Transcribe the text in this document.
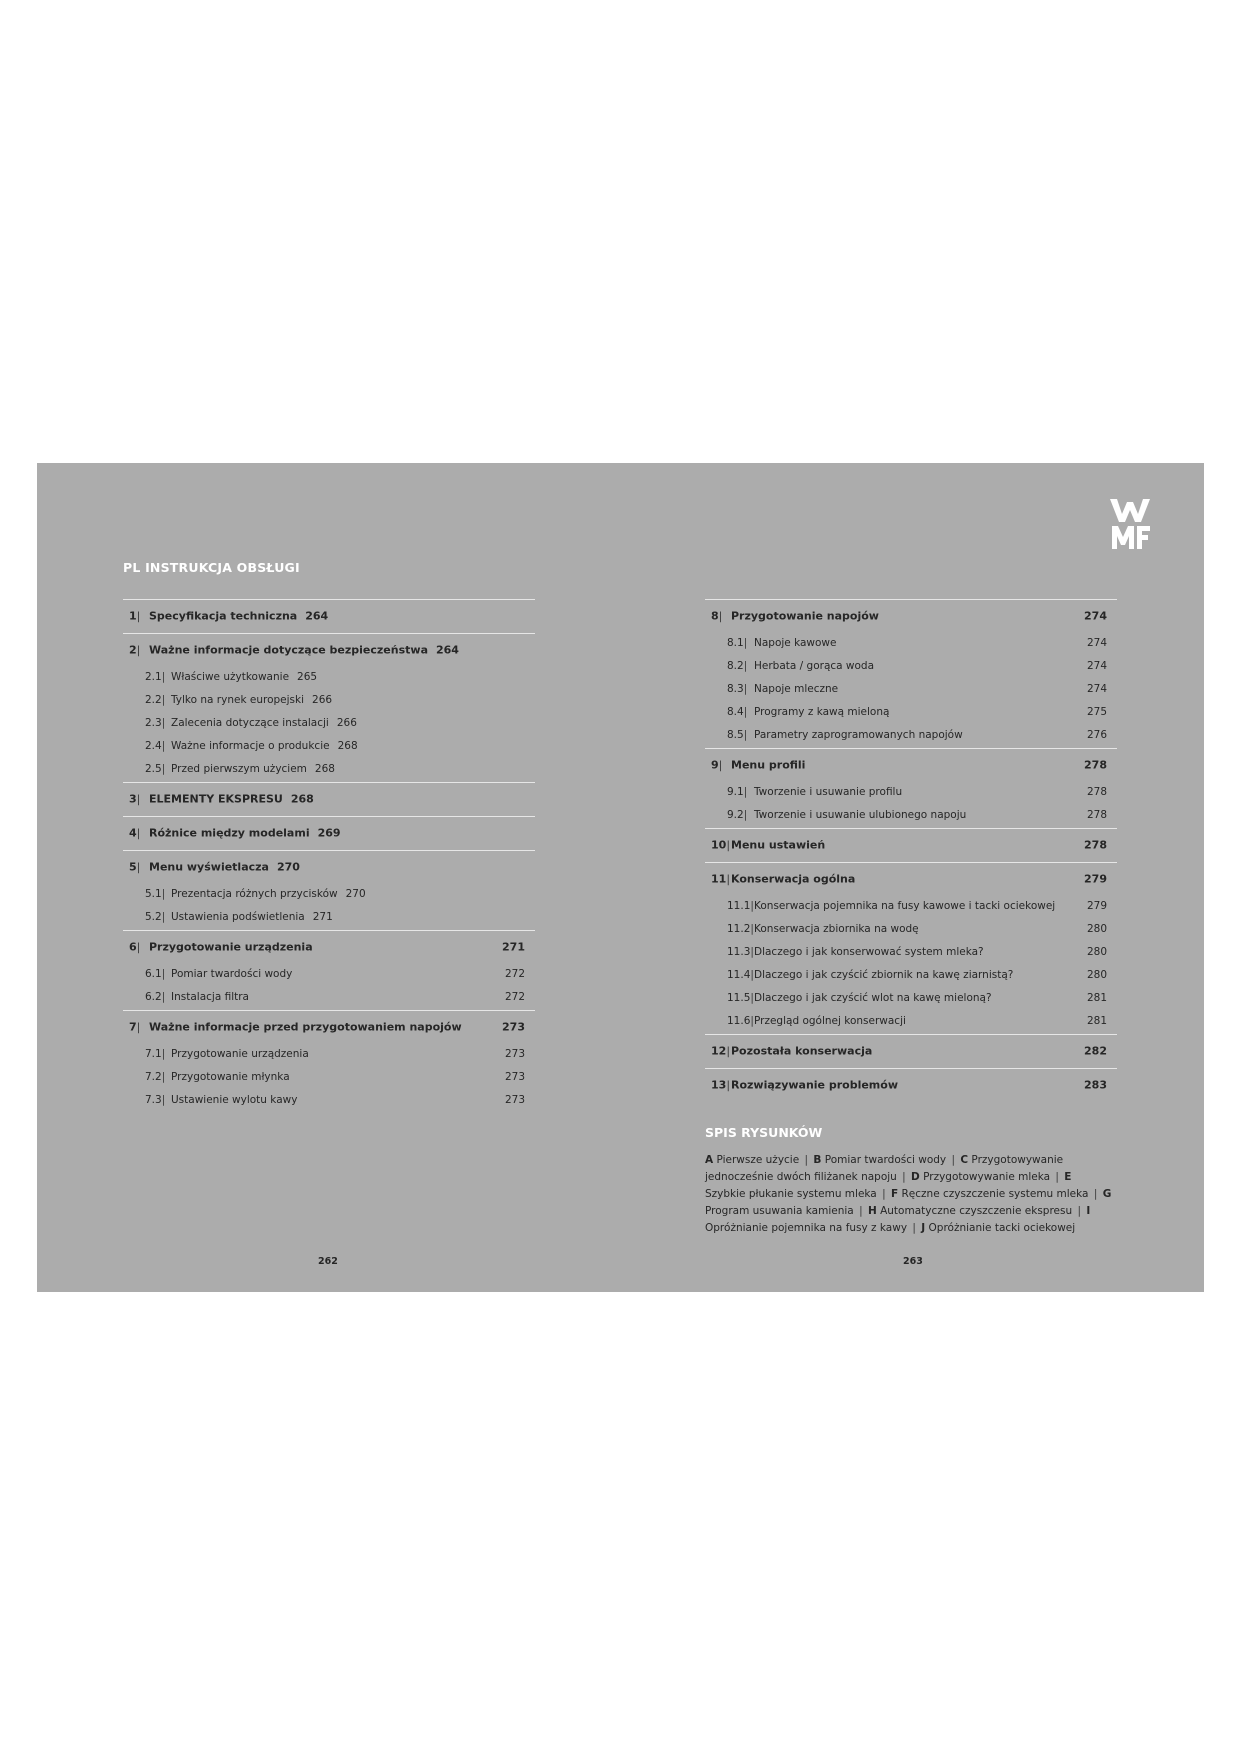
PL INSTRUKCJA OBSŁUGI
1| Specyfikacja techniczna 264
2| Ważne informacje dotyczące bezpieczeństwa 264
2.1| Właściwe użytkowanie 265
2.2| Tylko na rynek europejski 266
2.3| Zalecenia dotyczące instalacji 266
2.4| Ważne informacje o produkcie 268
2.5| Przed pierwszym użyciem 268
3| ELEMENTY EKSPRESU 268
4| Różnice między modelami 269
5| Menu wyświetlacza 270
5.1| Prezentacja różnych przycisków 270
5.2| Ustawienia podświetlenia 271
6| Przygotowanie urządzenia	271
6.1| Pomiar twardości wody	272
6.2| Instalacja filtra	272
7| Ważne informacje przed przygotowaniem napojów	273
7.1| Przygotowanie urządzenia	273
7.2| Przygotowanie młynka	273
7.3| Ustawienie wylotu kawy	273
8| Przygotowanie napojów	274
8.1| Napoje kawowe	274
8.2| Herbata / gorąca woda	274
8.3| Napoje mleczne	274
8.4| Programy z kawą mieloną	275
8.5| Parametry zaprogramowanych napojów	276
9| Menu profili	278
9.1| Tworzenie i usuwanie profilu	278
9.2| Tworzenie i usuwanie ulubionego napoju	278
10| Menu ustawień	278
11| Konserwacja ogólna	279
11.1| Konserwacja pojemnika na fusy kawowe i tacki ociekowej	279
11.2| Konserwacja zbiornika na wodę	280
11.3| Dlaczego i jak konserwować system mleka?	280
11.4| Dlaczego i jak czyścić zbiornik na kawę ziarnistą?	280
11.5| Dlaczego i jak czyścić wlot na kawę mieloną?	281
11.6| Przegląd ogólnej konserwacji	281
12| Pozostała konserwacja	282
13| Rozwiązywanie problemów	283
SPIS RYSUNKÓW
A Pierwsze użycie | B Pomiar twardości wody | C Przygotowywanie jednocześnie dwóch filiżanek napoju | D Przygotowywanie mleka | E Szybkie płukanie systemu mleka | F Ręczne czyszczenie systemu mleka | G Program usuwania kamienia | H Automatyczne czyszczenie ekspresu | I Opróżnianie pojemnika na fusy z kawy | J Opróżnianie tacki ociekowej
262	263
